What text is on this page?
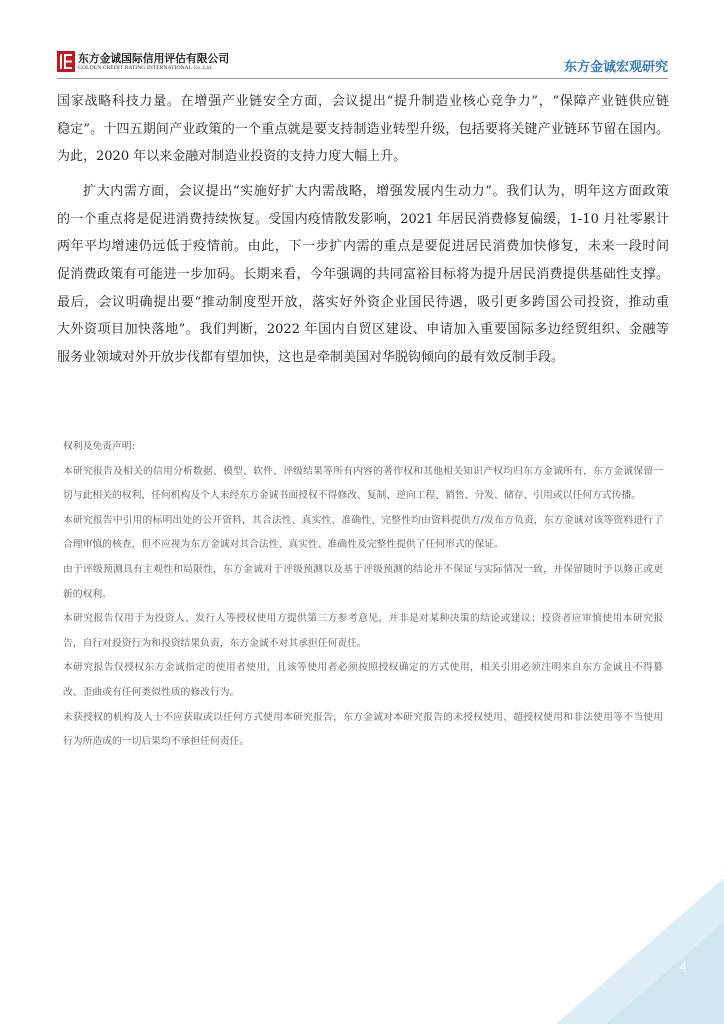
东方金诚国际信用评估有限公司
GOLDEN CREDIT RATING INTERNATIONAL Co.,Ltd.	东方金诚宏观研究
国家战略科技力量。在增强产业链安全方面，会议提出“提升制造业核心竞争力”，“保障产业链供应链
稳定”。十四五期间产业政策的一个重点就是要支持制造业转型升级，包括要将关键产业链环节留在国内。
为此，2020 年以来金融对制造业投资的支持力度大幅上升。
扩大内需方面，会议提出“实施好扩大内需战略，增强发展内生动力”。我们认为，明年这方面政策
的一个重点将是促进消费持续恢复。受国内疫情散发影响，2021 年居民消费修复偏缓，1-10 月社零累计
两年平均增速仍远低于疫情前。由此，下一步扩内需的重点是要促进居民消费加快修复，未来一段时间
促消费政策有可能进一步加码。长期来看，今年强调的共同富裕目标将为提升居民消费提供基础性支撑。
最后，会议明确提出要“推动制度型开放，落实好外资企业国民待遇，吸引更多跨国公司投资，推动重
大外资项目加快落地”。我们判断，2022 年国内自贸区建设、申请加入重要国际多边经贸组织、金融等
服务业领域对外开放步伐都有望加快，这也是牵制美国对华脱钩倾向的最有效反制手段。
权利及免责声明:
本研究报告及相关的信用分析数据、模型、软件、评级结果等所有内容的著作权和其他相关知识产权均归东方金诚所有，东方金诚保留一
切与此相关的权利，任何机构及个人未经东方金诚书面授权不得修改、复制、逆向工程、销售、分发、储存、引用或以任何方式传播。
本研究报告中引用的标明出处的公开资料，其合法性、真实性、准确性、完整性均由资料提供方/发布方负责，东方金诚对该等资料进行了
合理审慎的核查，但不应视为东方金诚对其合法性、真实性、准确性及完整性提供了任何形式的保证。
由于评级预测具有主观性和局限性，东方金诚对于评级预测以及基于评级预测的结论并不保证与实际情况一致，并保留随时予以修正或更
新的权利。
本研究报告仅用于为投资人、发行人等授权使用方提供第三方参考意见，并非是对某种决策的结论或建议；投资者应审慎使用本研究报
告，自行对投资行为和投资结果负责，东方金诚不对其承担任何责任。
本研究报告仅授权东方金诚指定的使用者使用，且该等使用者必须按照授权确定的方式使用，相关引用必须注明来自东方金诚且不得篡
改、歪曲或有任何类似性质的修改行为。
未获授权的机构及人士不应获取或以任何方式使用本研究报告，东方金诚对本研究报告的未授权使用、超授权使用和非法使用等不当使用
行为所造成的一切后果均不承担任何责任。
4
